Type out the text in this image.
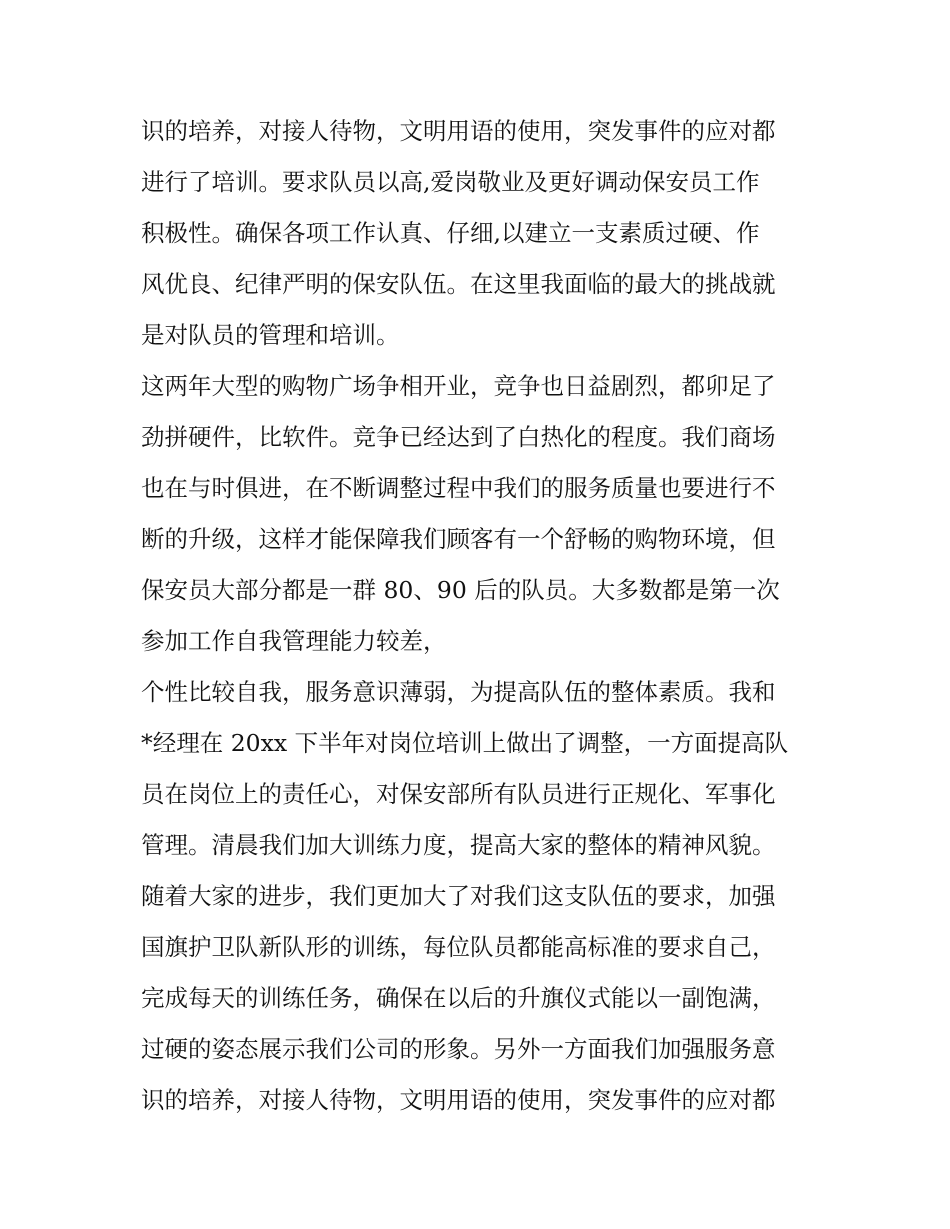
识的培养，对接人待物，文明用语的使用，突发事件的应对都
进行了培训。要求队员以高,爱岗敬业及更好调动保安员工作
积极性。确保各项工作认真、仔细,以建立一支素质过硬、作
风优良、纪律严明的保安队伍。在这里我面临的最大的挑战就
是对队员的管理和培训。
这两年大型的购物广场争相开业，竞争也日益剧烈，都卯足了
劲拼硬件，比软件。竞争已经达到了白热化的程度。我们商场
也在与时俱进，在不断调整过程中我们的服务质量也要进行不
断的升级，这样才能保障我们顾客有一个舒畅的购物环境，但
保安员大部分都是一群 80、90 后的队员。大多数都是第一次
参加工作自我管理能力较差，
个性比较自我，服务意识薄弱，为提高队伍的整体素质。我和
*经理在 20xx 下半年对岗位培训上做出了调整，一方面提高队
员在岗位上的责任心，对保安部所有队员进行正规化、军事化
管理。清晨我们加大训练力度，提高大家的整体的精神风貌。
随着大家的进步，我们更加大了对我们这支队伍的要求，加强
国旗护卫队新队形的训练，每位队员都能高标准的要求自己，
完成每天的训练任务，确保在以后的升旗仪式能以一副饱满，
过硬的姿态展示我们公司的形象。另外一方面我们加强服务意
识的培养，对接人待物，文明用语的使用，突发事件的应对都
